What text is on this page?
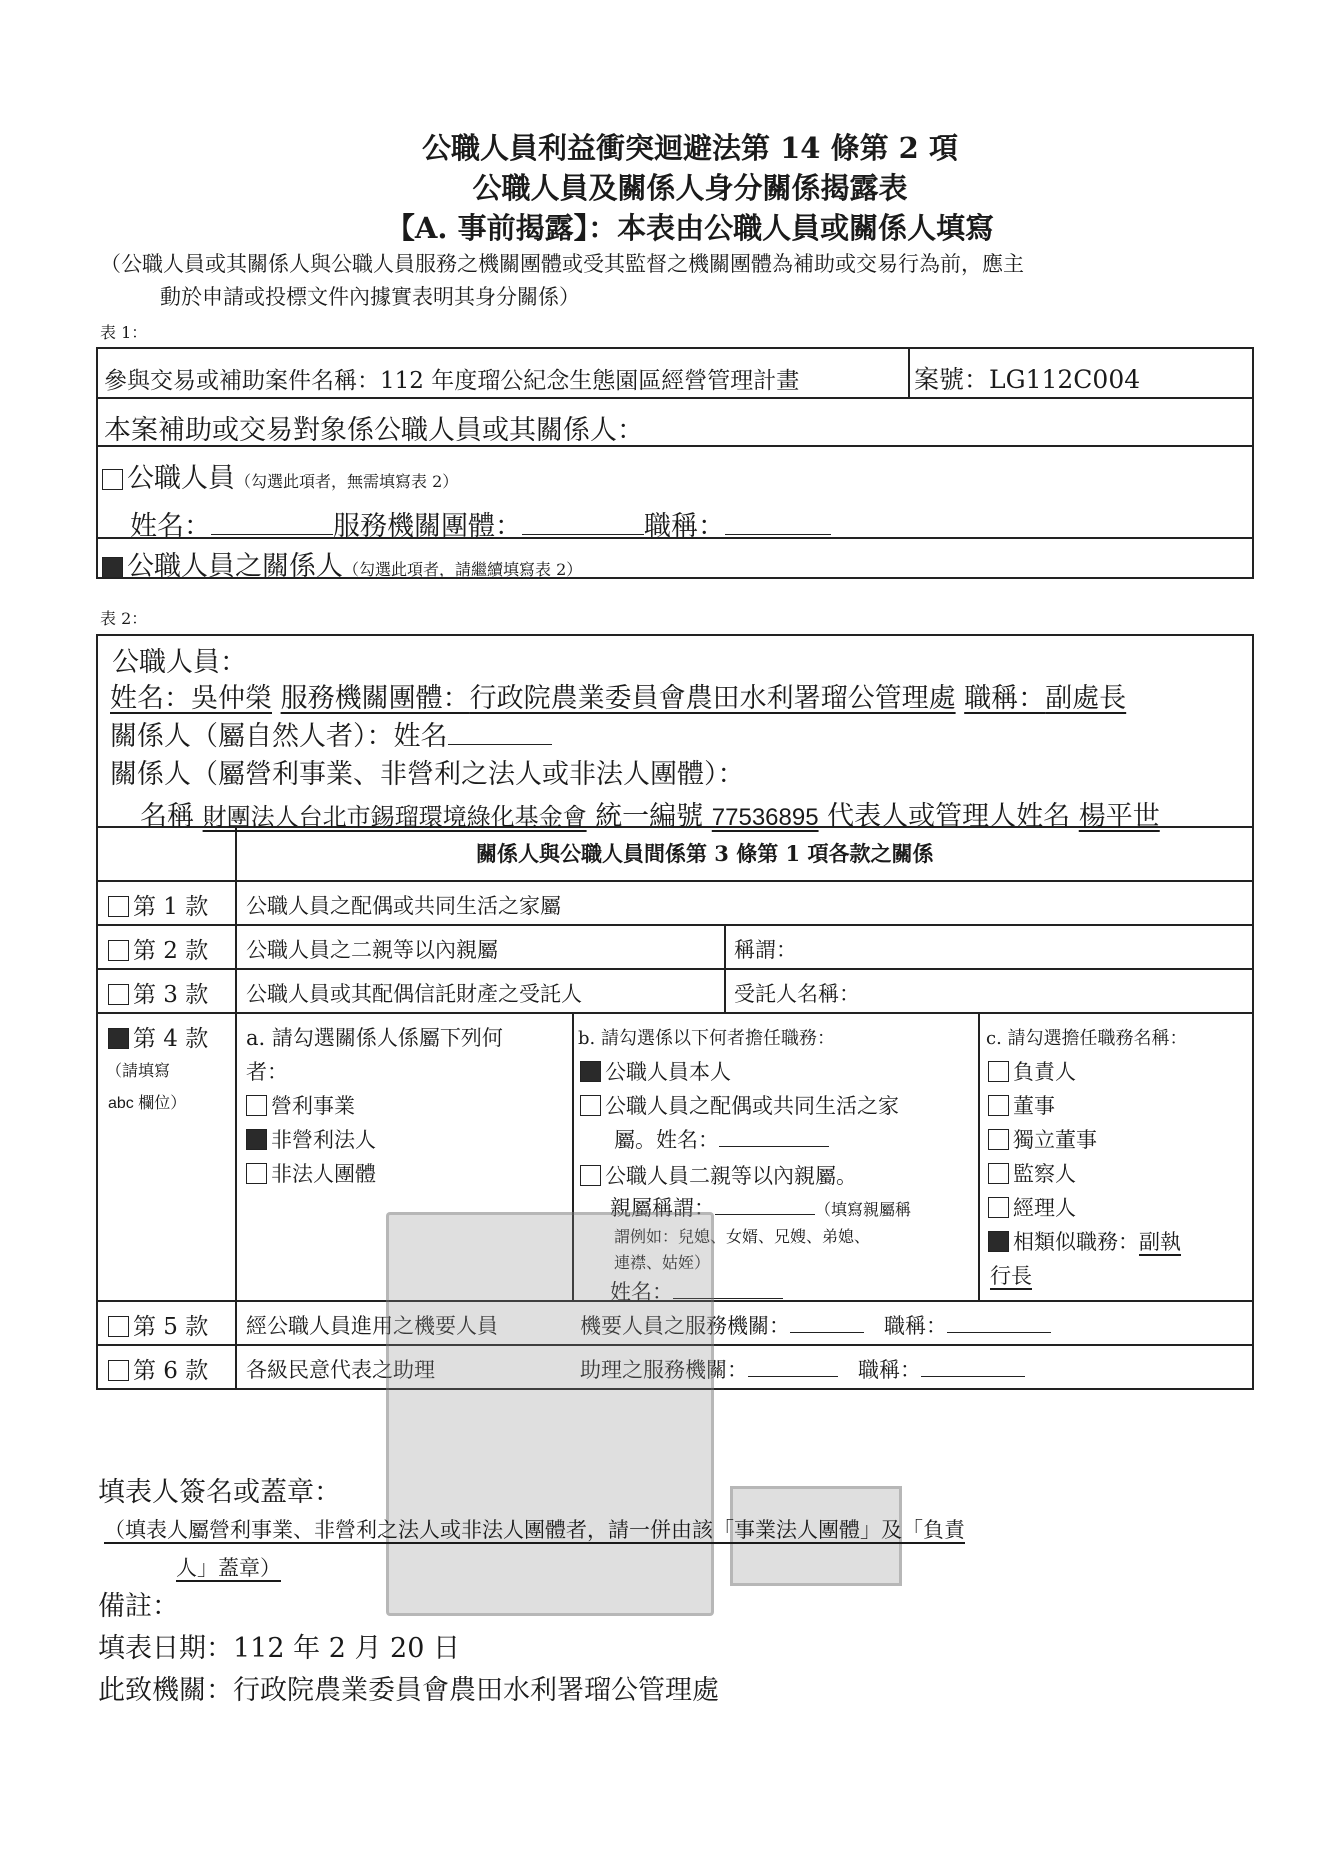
公職人員利益衝突迴避法第 14 條第 2 項
公職人員及關係人身分關係揭露表
【A. 事前揭露】：本表由公職人員或關係人填寫
（公職人員或其關係人與公職人員服務之機關團體或受其監督之機關團體為補助或交易行為前，應主
動於申請或投標文件內據實表明其身分關係）
表 1：
參與交易或補助案件名稱：112 年度瑠公紀念生態園區經營管理計畫	案號：LG112C004
本案補助或交易對象係公職人員或其關係人：
公職人員（勾選此項者，無需填寫表 2）
姓名：	服務機關團體：	職稱：
公職人員之關係人（勾選此項者，請繼續填寫表 2）
表 2：
公職人員：
姓名：吳仲榮 服務機關團體：行政院農業委員會農田水利署瑠公管理處 職稱：副處長
關係人（屬自然人者）：姓名
關係人（屬營利事業、非營利之法人或非法人團體）：
名稱 財團法人台北市錫瑠環境綠化基金會 統一編號 77536895 代表人或管理人姓名 楊平世
關係人與公職人員間係第 3 條第 1 項各款之關係
第 1 款 公職人員之配偶或共同生活之家屬
第 2 款 公職人員之二親等以內親屬	稱謂：
第 3 款 公職人員或其配偶信託財產之受託人	受託人名稱：
第 4 款
（請填寫
abc 欄位）
a. 請勾選關係人係屬下列何
者：
營利事業
非營利法人
非法人團體
b. 請勾選係以下何者擔任職務：
公職人員本人
公職人員之配偶或共同生活之家
屬。姓名：
公職人員二親等以內親屬。
親屬稱謂：	（填寫親屬稱
謂例如：兒媳、女婿、兄嫂、弟媳、
連襟、姑姪）
姓名：
c. 請勾選擔任職務名稱：
負責人
董事
獨立董事
監察人
經理人
相類似職務：副執
行長
第 5 款 經公職人員進用之機要人員	機要人員之服務機關：	職稱：
第 6 款 各級民意代表之助理	助理之服務機關：	職稱：
填表人簽名或蓋章：
（填表人屬營利事業、非營利之法人或非法人團體者，請一併由該「事業法人團體」及「負責
人」蓋章）
備註：
填表日期：112 年 2 月 20 日
此致機關：行政院農業委員會農田水利署瑠公管理處
